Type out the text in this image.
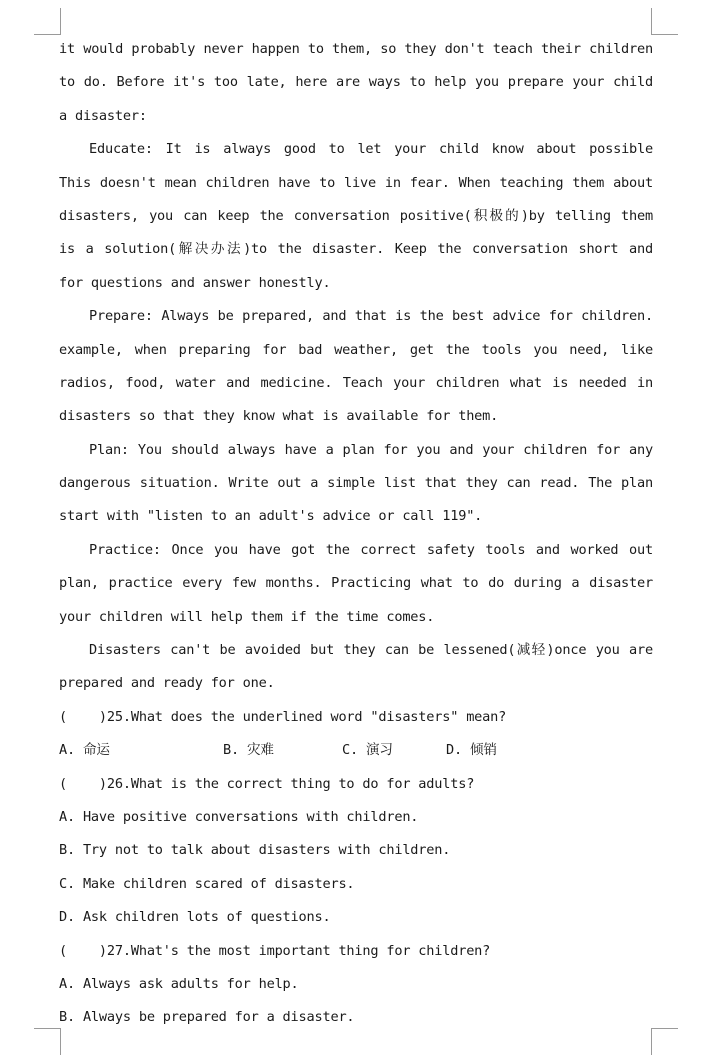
it would probably never happen to them, so they don't teach their children
to do. Before it's too late, here are ways to help you prepare your child
a disaster:
Educate: It is always good to let your child know about possible
This doesn't mean children have to live in fear. When teaching them about
disasters, you can keep the conversation positive(积极的)by telling them
is a solution(解决办法)to the disaster. Keep the conversation short and
for questions and answer honestly.
Prepare: Always be prepared, and that is the best advice for children.
example, when preparing for bad weather, get the tools you need, like
radios, food, water and medicine. Teach your children what is needed in
disasters so that they know what is available for them.
Plan: You should always have a plan for you and your children for any
dangerous situation. Write out a simple list that they can read. The plan
start with "listen to an adult's advice or call 119".
Practice: Once you have got the correct safety tools and worked out
plan, practice every few months. Practicing what to do during a disaster
your children will help them if the time comes.
Disasters can't be avoided but they can be lessened(减轻)once you are
prepared and ready for one.
(    )25.What does the underlined word "disasters" mean?
A. 命运	B. 灾难	C. 演习	D. 倾销
(    )26.What is the correct thing to do for adults?
A. Have positive conversations with children.
B. Try not to talk about disasters with children.
C. Make children scared of disasters.
D. Ask children lots of questions.
(    )27.What's the most important thing for children?
A. Always ask adults for help.
B. Always be prepared for a disaster.
